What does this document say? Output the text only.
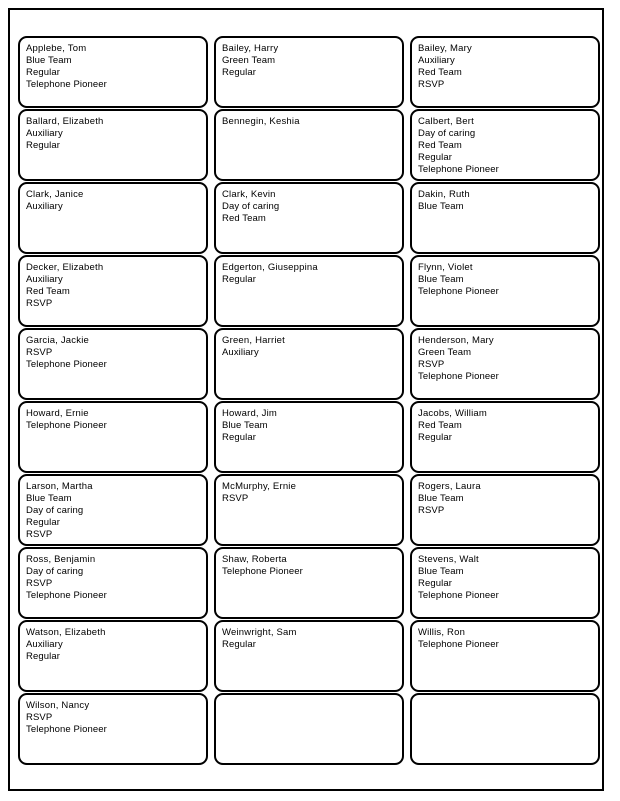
Applebe, Tom
Blue Team
Regular
Telephone Pioneer
Bailey, Harry
Green Team
Regular
Bailey, Mary
Auxiliary
Red Team
RSVP
Ballard, Elizabeth
Auxiliary
Regular
Bennegin, Keshia	Calbert, Bert
Day of caring
Red Team
Regular
Telephone Pioneer
Clark, Janice
Auxiliary
Clark, Kevin
Day of caring
Red Team
Dakin, Ruth
Blue Team
Decker, Elizabeth
Auxiliary
Red Team
RSVP
Edgerton, Giuseppina
Regular
Flynn, Violet
Blue Team
Telephone Pioneer
Garcia, Jackie
RSVP
Telephone Pioneer
Green, Harriet
Auxiliary
Henderson, Mary
Green Team
RSVP
Telephone Pioneer
Howard, Ernie
Telephone Pioneer
Howard, Jim
Blue Team
Regular
Jacobs, William
Red Team
Regular
Larson, Martha
Blue Team
Day of caring
Regular
RSVP
McMurphy, Ernie
RSVP
Rogers, Laura
Blue Team
RSVP
Ross, Benjamin
Day of caring
RSVP
Telephone Pioneer
Shaw, Roberta
Telephone Pioneer
Stevens, Walt
Blue Team
Regular
Telephone Pioneer
Watson, Elizabeth
Auxiliary
Regular
Weinwright, Sam
Regular
Willis, Ron
Telephone Pioneer
Wilson, Nancy
RSVP
Telephone Pioneer
